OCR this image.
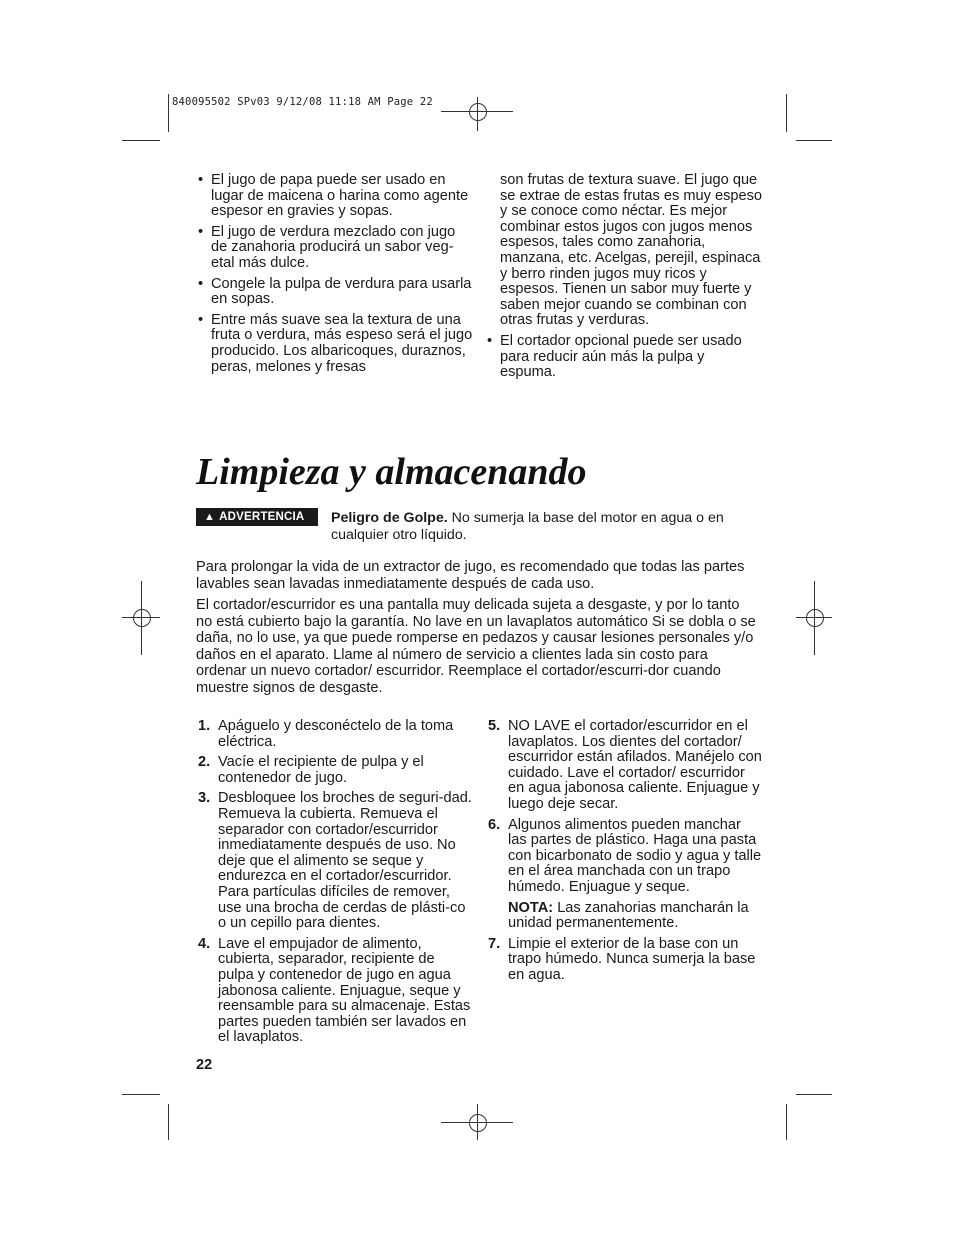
840095502 SPv03 9/12/08 11:18 AM Page 22
• El jugo de papa puede ser usado en lugar de maicena o harina como agente espesor en gravies y sopas.
• El jugo de verdura mezclado con jugo de zanahoria producirá un sabor veg-etal más dulce.
• Congele la pulpa de verdura para usarla en sopas.
• Entre más suave sea la textura de una fruta o verdura, más espeso será el jugo producido. Los albaricoques, duraznos, peras, melones y fresas
son frutas de textura suave. El jugo que se extrae de estas frutas es muy espeso y se conoce como néctar. Es mejor combinar estos jugos con jugos menos espesos, tales como zanahoria, manzana, etc. Acelgas, perejil, espinaca y berro rinden jugos muy ricos y espesos. Tienen un sabor muy fuerte y saben mejor cuando se combinan con otras frutas y verduras.
• El cortador opcional puede ser usado para reducir aún más la pulpa y espuma.
Limpieza y almacenando
▲ ADVERTENCIA	Peligro de Golpe. No sumerja la base del motor en agua o en cualquier otro líquido.
Para prolongar la vida de un extractor de jugo, es recomendado que todas las partes lavables sean lavadas inmediatamente después de cada uso.
El cortador/escurridor es una pantalla muy delicada sujeta a desgaste, y por lo tanto no está cubierto bajo la garantía. No lave en un lavaplatos automático Si se dobla o se daña, no lo use, ya que puede romperse en pedazos y causar lesiones personales y/o daños en el aparato. Llame al número de servicio a clientes lada sin costo para ordenar un nuevo cortador/ escurridor. Reemplace el cortador/escurri-dor cuando muestre signos de desgaste.
1. Apáguelo y desconéctelo de la toma eléctrica.
2. Vacíe el recipiente de pulpa y el contenedor de jugo.
3. Desbloquee los broches de seguri-dad. Remueva la cubierta. Remueva el separador con cortador/escurridor inmediatamente después de uso. No deje que el alimento se seque y endurezca en el cortador/escurridor. Para partículas difíciles de remover, use una brocha de cerdas de plásti-co o un cepillo para dientes.
4. Lave el empujador de alimento, cubierta, separador, recipiente de pulpa y contenedor de jugo en agua jabonosa caliente. Enjuague, seque y reensamble para su almacenaje. Estas partes pueden también ser lavados en el lavaplatos.
5. NO LAVE el cortador/escurridor en el lavaplatos. Los dientes del cortador/ escurridor están afilados. Manéjelo con cuidado. Lave el cortador/ escurridor en agua jabonosa caliente. Enjuague y luego deje secar.
6. Algunos alimentos pueden manchar las partes de plástico. Haga una pasta con bicarbonato de sodio y agua y talle en el área manchada con un trapo húmedo. Enjuague y seque.
NOTA: Las zanahorias mancharán la unidad permanentemente.
7. Limpie el exterior de la base con un trapo húmedo. Nunca sumerja la base en agua.
22
